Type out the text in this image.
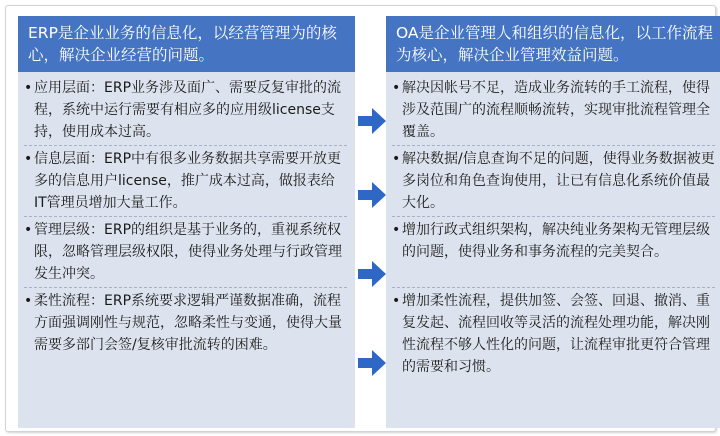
ERP是企业业务的信息化，以经营管理为的核心，解决企业经营的问题。
• 应用层面：ERP业务涉及面广、需要反复审批的流程，系统中运行需要有相应多的应用级license支持，使用成本过高。
• 信息层面：ERP中有很多业务数据共享需要开放更多的信息用户license，推广成本过高，做报表给IT管理员增加大量工作。
• 管理层级：ERP的组织是基于业务的，重视系统权限，忽略管理层级权限，使得业务处理与行政管理发生冲突。
• 柔性流程：ERP系统要求逻辑严谨数据准确，流程方面强调刚性与规范，忽略柔性与变通，使得大量需要多部门会签/复核审批流转的困难。
OA是企业管理人和组织的信息化，以工作流程为核心，解决企业管理效益问题。
• 解决因帐号不足，造成业务流转的手工流程，使得涉及范围广的流程顺畅流转，实现审批流程管理全覆盖。
• 解决数据/信息查询不足的问题，使得业务数据被更多岗位和角色查询使用，让已有信息化系统价值最大化。
• 增加行政式组织架构，解决纯业务架构无管理层级的问题，使得业务和事务流程的完美契合。
• 增加柔性流程，提供加签、会签、回退、撤消、重复发起、流程回收等灵活的流程处理功能，解决刚性流程不够人性化的问题，让流程审批更符合管理的需要和习惯。
